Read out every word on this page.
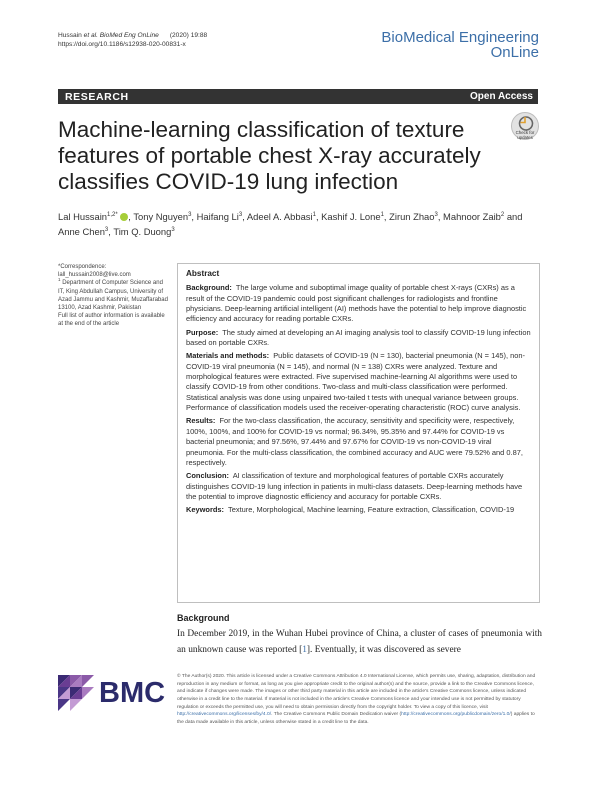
Hussain et al. BioMed Eng OnLine (2020) 19:88
https://doi.org/10.1186/s12938-020-00831-x	BioMedical Engineering
OnLine
RESEARCH	Open Access
Machine-learning classification of texture features of portable chest X-ray accurately classifies COVID-19 lung infection
Check for
updates
Lal Hussain$^{1,2*}$ , Tony Nguyen$^3$, Haifang Li$^3$, Adeel A. Abbasi$^1$, Kashif J. Lone$^1$, Zirun Zhao$^3$, Mahnoor Zaib$^2$ and Anne Chen$^3$, Tim Q. Duong$^3$
*Correspondence:
lall_hussain2008@live.com
$^1$ Department of Computer Science and IT, King Abdullah Campus, University of Azad Jammu and Kashmir, Muzaffarabad 13100, Azad Kashmir, Pakistan
Full list of author information is available at the end of the article
Abstract
Background: The large volume and suboptimal image quality of portable chest X-rays (CXRs) as a result of the COVID-19 pandemic could post significant challenges for radiologists and frontline physicians. Deep-learning artificial intelligent (AI) methods have the potential to help improve diagnostic efficiency and accuracy for reading portable CXRs.
Purpose: The study aimed at developing an AI imaging analysis tool to classify COVID-19 lung infection based on portable CXRs.
Materials and methods: Public datasets of COVID-19 (N = 130), bacterial pneumonia (N = 145), non-COVID-19 viral pneumonia (N = 145), and normal (N = 138) CXRs were analyzed. Texture and morphological features were extracted. Five supervised machine-learning AI algorithms were used to classify COVID-19 from other conditions. Two-class and multi-class classification were performed. Statistical analysis was done using unpaired two-tailed t tests with unequal variance between groups. Performance of classification models used the receiver-operating characteristic (ROC) curve analysis.
Results: For the two-class classification, the accuracy, sensitivity and specificity were, respectively, 100%, 100%, and 100% for COVID-19 vs normal; 96.34%, 95.35% and 97.44% for COVID-19 vs bacterial pneumonia; and 97.56%, 97.44% and 97.67% for COVID-19 vs non-COVID-19 viral pneumonia. For the multi-class classification, the combined accuracy and AUC were 79.52% and 0.87, respectively.
Conclusion: AI classification of texture and morphological features of portable CXRs accurately distinguishes COVID-19 lung infection in patients in multi-class datasets. Deep-learning methods have the potential to improve diagnostic efficiency and accuracy for portable CXRs.
Keywords: Texture, Morphological, Machine learning, Feature extraction, Classification, COVID-19
Background
In December 2019, in the Wuhan Hubei province of China, a cluster of cases of pneumonia with an unknown cause was reported [1]. Eventually, it was discovered as severe
BMC
© The Author(s) 2020. This article is licensed under a Creative Commons Attribution 4.0 International License, which permits use, sharing, adaptation, distribution and reproduction in any medium or format, as long as you give appropriate credit to the original author(s) and the source, provide a link to the Creative Commons licence, and indicate if changes were made. The images or other third party material in this article are included in the article's Creative Commons licence, unless indicated otherwise in a credit line to the material. If material is not included in the article's Creative Commons licence and your intended use is not permitted by statutory regulation or exceeds the permitted use, you will need to obtain permission directly from the copyright holder. To view a copy of this licence, visit http://creativecommons.org/licenses/by/4.0/. The Creative Commons Public Domain Dedication waiver (http://creativecommons.org/publicdomain/zero/1.0/) applies to the data made available in this article, unless otherwise stated in a credit line to the data.
